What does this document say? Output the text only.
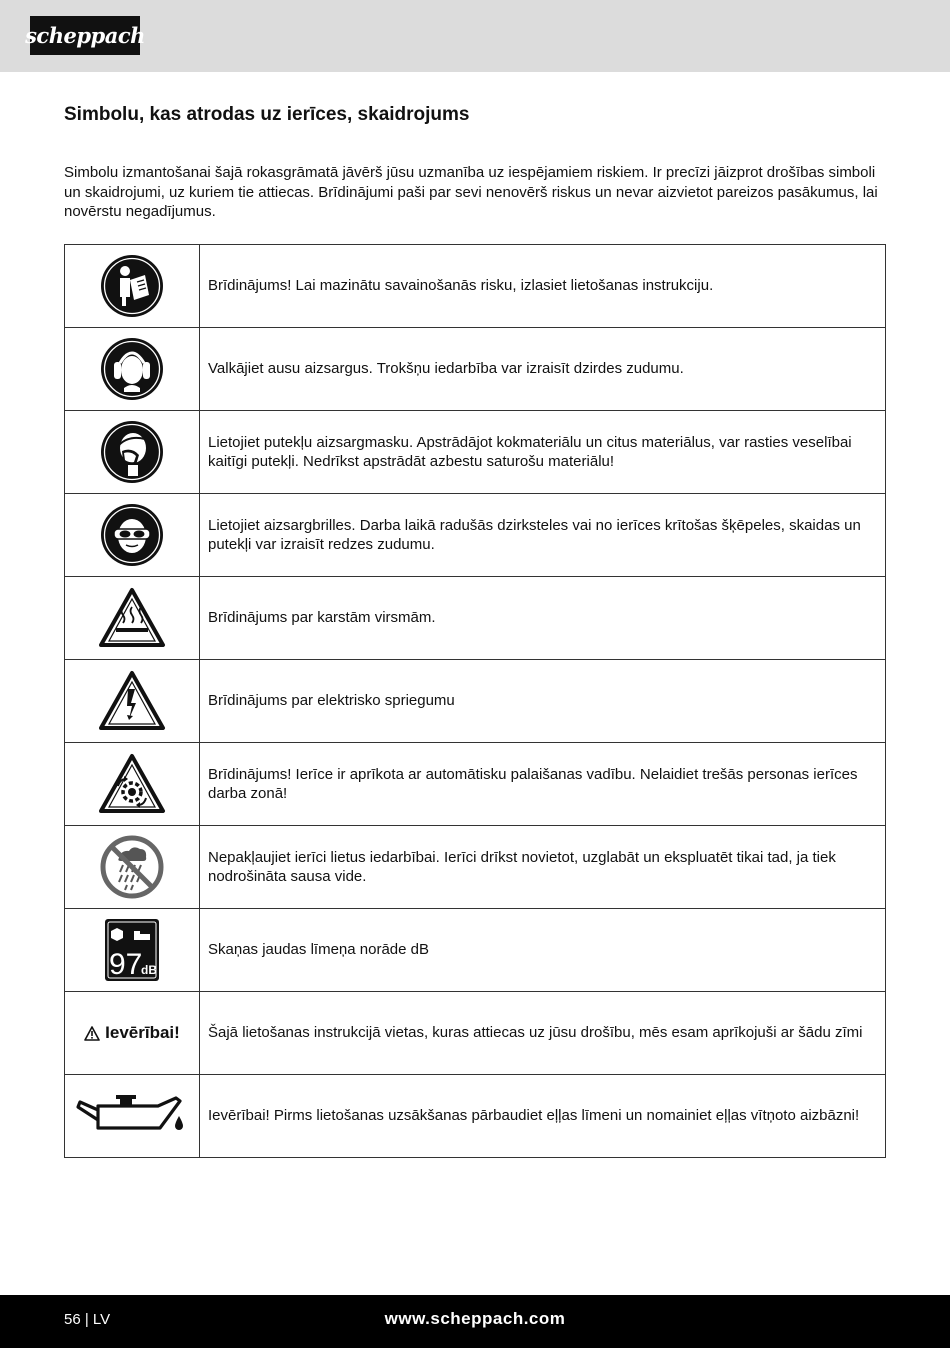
scheppach
Simbolu, kas atrodas uz ierīces, skaidrojums

Simbolu izmantošanai šajā rokasgrāmatā jāvērš jūsu uzmanība uz iespējamiem riskiem. Ir precīzi jāizprot drošības simboli un skaidrojumi, uz kuriem tie attiecas. Brīdinājumi paši par sevi nenovērš riskus un nevar aizvietot pareizos pasākumus, lai novērstu negadījumus.

	Brīdinājums! Lai mazinātu savainošanās risku, izlasiet lietošanas instrukciju.

	Valkājiet ausu aizsargus. Trokšņu iedarbība var izraisīt dzirdes zudumu.

	Lietojiet putekļu aizsargmasku. Apstrādājot kokmateriālu un citus materiālus, var rasties veselībai kaitīgi putekļi. Nedrīkst apstrādāt azbestu saturošu materiālu!

	Lietojiet aizsargbrilles. Darba laikā radušās dzirksteles vai no ierīces krītošas šķēpeles, skaidas un putekļi var izraisīt redzes zudumu.

	Brīdinājums par karstām virsmām.

	Brīdinājums par elektrisko spriegumu

	Brīdinājums! Ierīce ir aprīkota ar automātisku palaišanas vadību. Nelaidiet trešās personas ierīces darba zonā!

	Nepakļaujiet ierīci lietus iedarbībai. Ierīci drīkst novietot, uzglabāt un ekspluatēt tikai tad, ja tiek nodrošināta sausa vide.

97
dB	Skaņas jaudas līmeņa norāde dB

Ievērībai!	Šajā lietošanas instrukcijā vietas, kuras attiecas uz jūsu drošību, mēs esam aprīkojuši ar šādu zīmi

	Ievērībai! Pirms lietošanas uzsākšanas pārbaudiet eļļas līmeni un nomainiet eļļas vītņoto aizbāzni!
56 | LV	www.scheppach.com
